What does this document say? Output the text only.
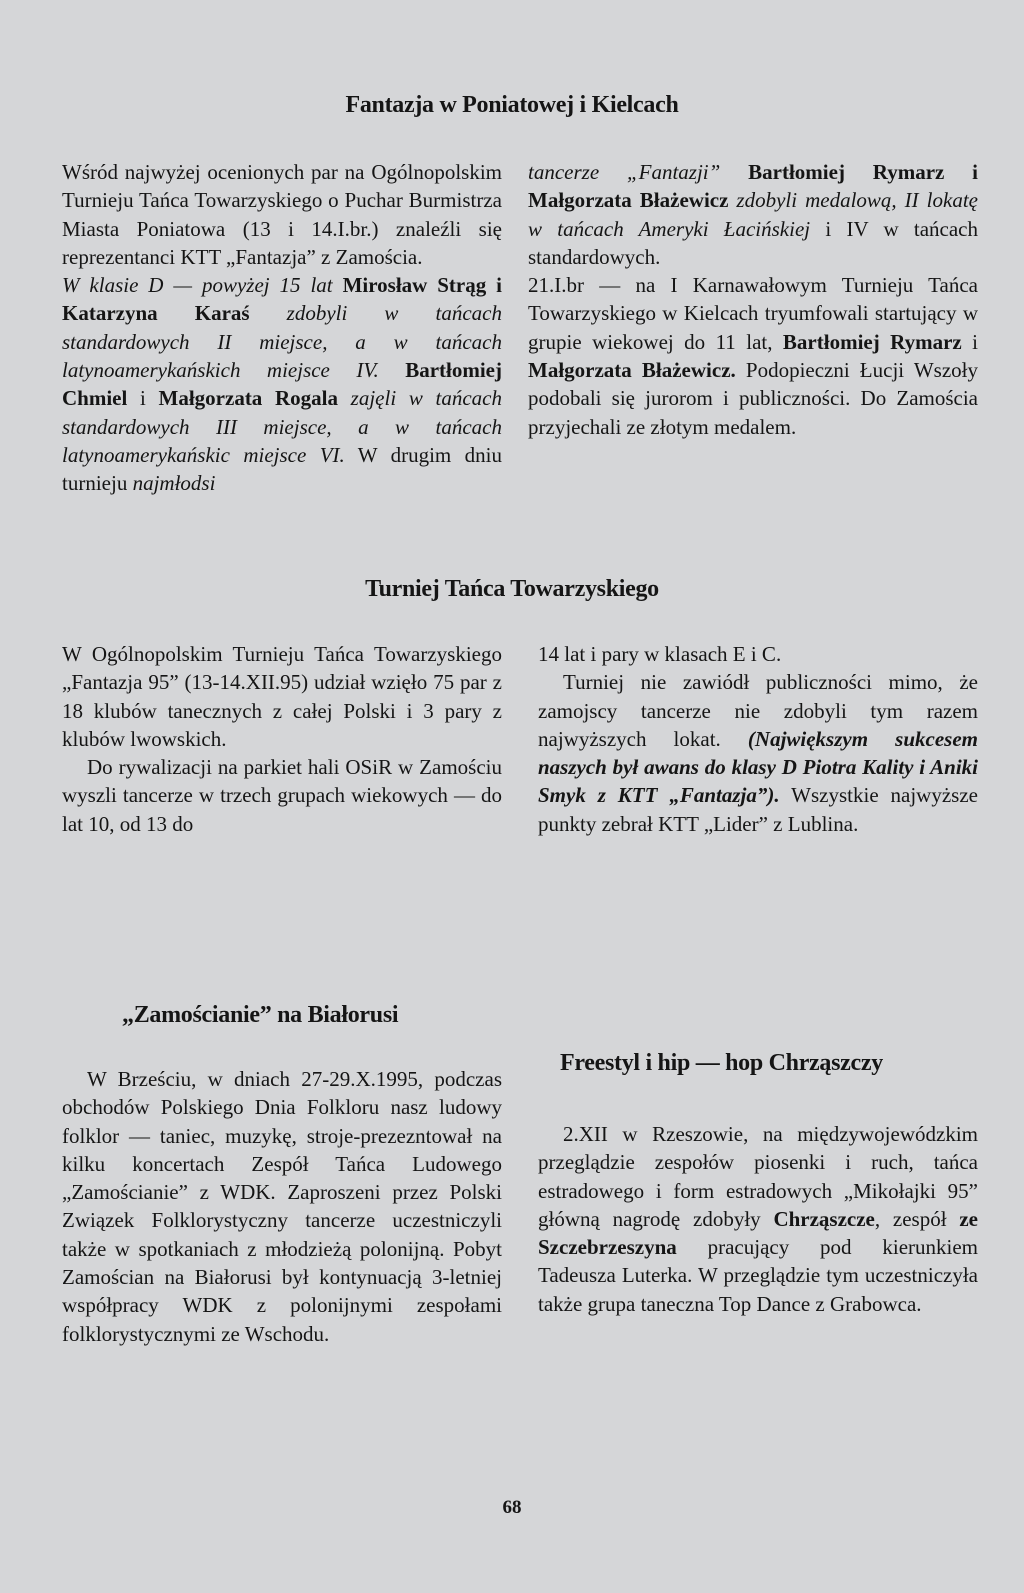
Fantazja w Poniatowej i Kielcach

Wśród najwyżej ocenionych par na Ogólnopolskim Turnieju Tańca Towarzyskiego o Puchar Burmistrza Miasta Poniatowa (13 i 14.I.br.) znaleźli się reprezentanci KTT „Fantazja” z Zamościa.

W klasie D — powyżej 15 lat Mirosław Strąg i Katarzyna Karaś zdobyli w tańcach standardowych II miejsce, a w tańcach latynoamerykańskich miejsce IV. Bartłomiej Chmiel i Małgorzata Rogala zajęli w tańcach standardowych III miejsce, a w tańcach latynoamerykańskic miejsce VI. W drugim dniu turnieju najmłodsi

tancerze „Fantazji” Bartłomiej Rymarz i Małgorzata Błażewicz zdobyli medalową, II lokatę w tańcach Ameryki Łacińskiej i IV w tańcach standardowych.

21.I.br — na I Karnawałowym Turnieju Tańca Towarzyskiego w Kielcach tryumfowali startujący w grupie wiekowej do 11 lat, Bartłomiej Rymarz i Małgorzata Błażewicz. Podopieczni Łucji Wszoły podobali się jurorom i publiczności. Do Zamościa przyjechali ze złotym medalem.

Turniej Tańca Towarzyskiego

W Ogólnopolskim Turnieju Tańca Towarzyskiego „Fantazja 95” (13-14.XII.95) udział wzięło 75 par z 18 klubów tanecznych z całej Polski i 3 pary z klubów lwowskich.

Do rywalizacji na parkiet hali OSiR w Zamościu wyszli tancerze w trzech grupach wiekowych — do lat 10, od 13 do

14 lat i pary w klasach E i C.

Turniej nie zawiódł publiczności mimo, że zamojscy tancerze nie zdobyli tym razem najwyższych lokat. (Największym sukcesem naszych był awans do klasy D Piotra Kality i Aniki Smyk z KTT „Fantazja”). Wszystkie najwyższe punkty zebrał KTT „Lider” z Lublina.

„Zamościanie” na Białorusi

W Brześciu, w dniach 27-29.X.1995, podczas obchodów Polskiego Dnia Folkloru nasz ludowy folklor — taniec, muzykę, stroje-prezezntował na kilku koncertach Zespół Tańca Ludowego „Zamościanie” z WDK. Zaproszeni przez Polski Związek Folklorystyczny tancerze uczestniczyli także w spotkaniach z młodzieżą polonijną. Pobyt Zamościan na Białorusi był kontynuacją 3-letniej współpracy WDK z polonijnymi zespołami folklorystycznymi ze Wschodu.

Freestyl i hip — hop Chrząszczy

2.XII w Rzeszowie, na międzywojewódzkim przeglądzie zespołów piosenki i ruch, tańca estradowego i form estradowych „Mikołajki 95” główną nagrodę zdobyły Chrząszcze, zespół ze Szczebrzeszyna pracujący pod kierunkiem Tadeusza Luterka. W przeglądzie tym uczestniczyła także grupa taneczna Top Dance z Grabowca.

68
